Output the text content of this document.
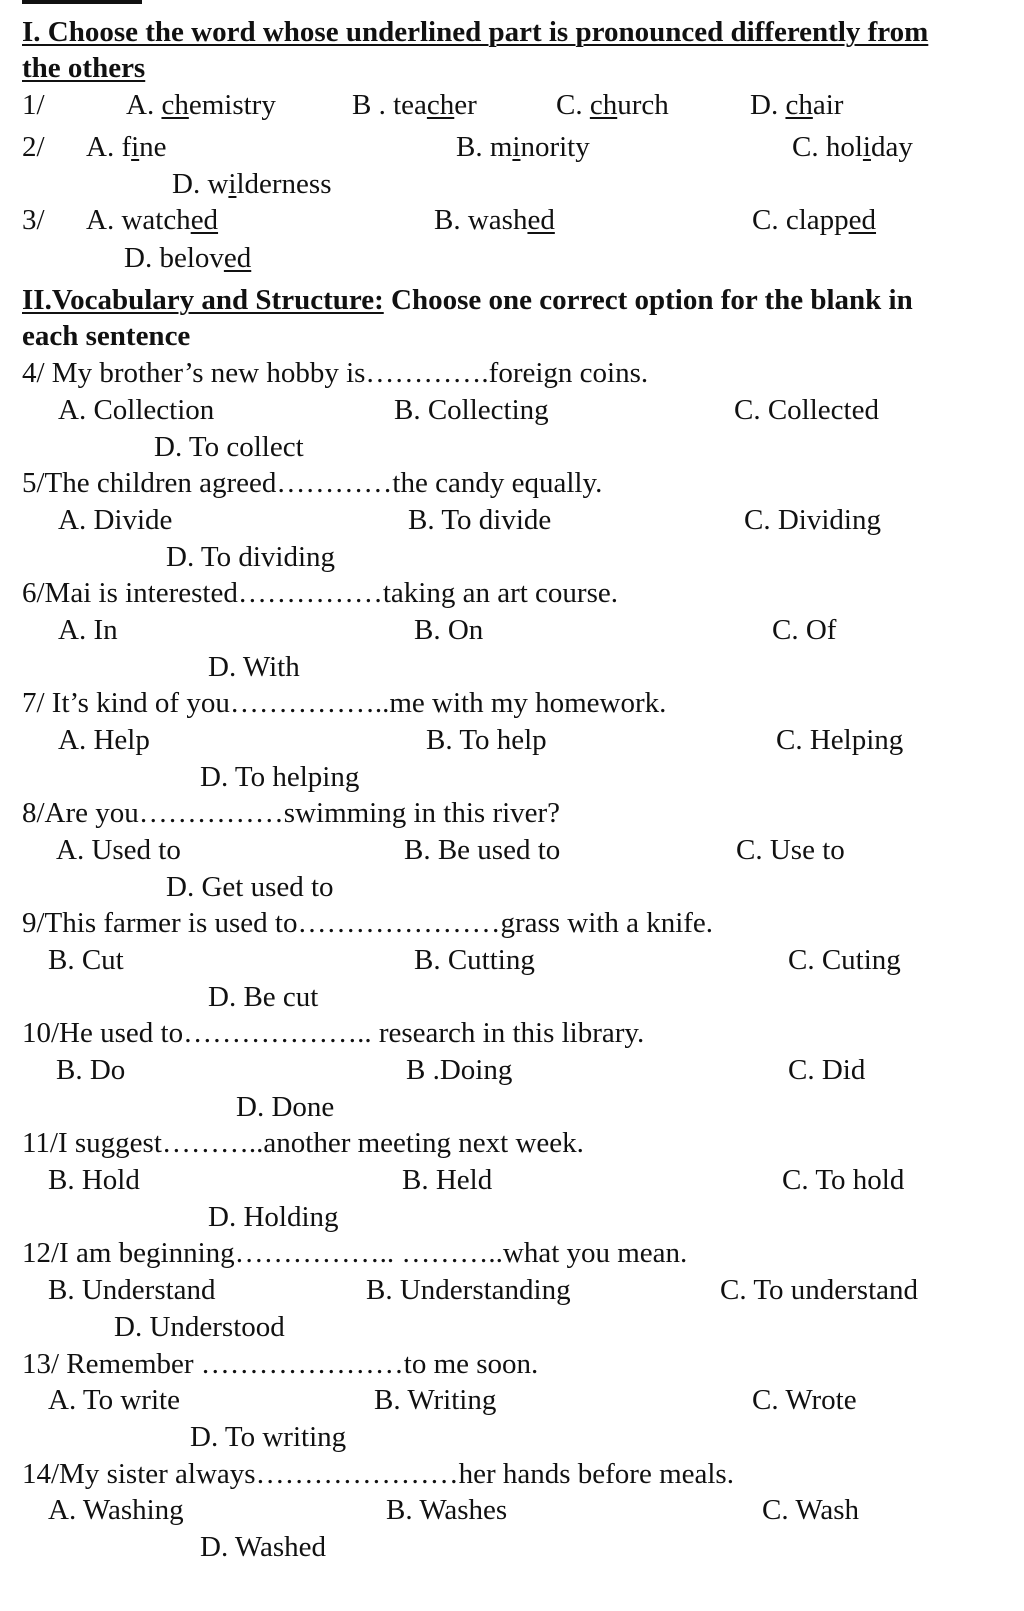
I. Choose the word whose underlined part is pronounced differently from
the others
1/	A. chemistry	B . teacher	C. church	D. chair
2/ A. fine	B. minority	C. holiday
D. wilderness
3/ A. watched	B. washed	C. clapped
D. beloved
II.Vocabulary and Structure: Choose one correct option for the blank in
each sentence
4/ My brother’s new hobby is………….foreign coins.
A. Collection	B. Collecting	C. Collected
D. To collect
5/The children agreed…………the candy equally.
A. Divide	B. To divide	C. Dividing
D. To dividing
6/Mai is interested……………taking an art course.
A. In	B. On	C. Of
D. With
7/ It’s kind of you……………..me with my homework.
A. Help	B. To help	C. Helping
D. To helping
8/Are you……………swimming in this river?
A. Used to	B. Be used to	C. Use to
D. Get used to
9/This farmer is used to…………………grass with a knife.
B. Cut	B. Cutting	C. Cuting
D. Be cut
10/He used to……………….. research in this library.
B. Do	B .Doing	C. Did
D. Done
11/I suggest………..another meeting next week.
B. Hold	B. Held	C. To hold
D. Holding
12/I am beginning…………….. ………..what you mean.
B. Understand	B. Understanding	C. To understand
D. Understood
13/ Remember …………………to me soon.
A. To write	B. Writing	C. Wrote
D. To writing
14/My sister always…………………her hands before meals.
A. Washing	B. Washes	C. Wash
D. Washed
